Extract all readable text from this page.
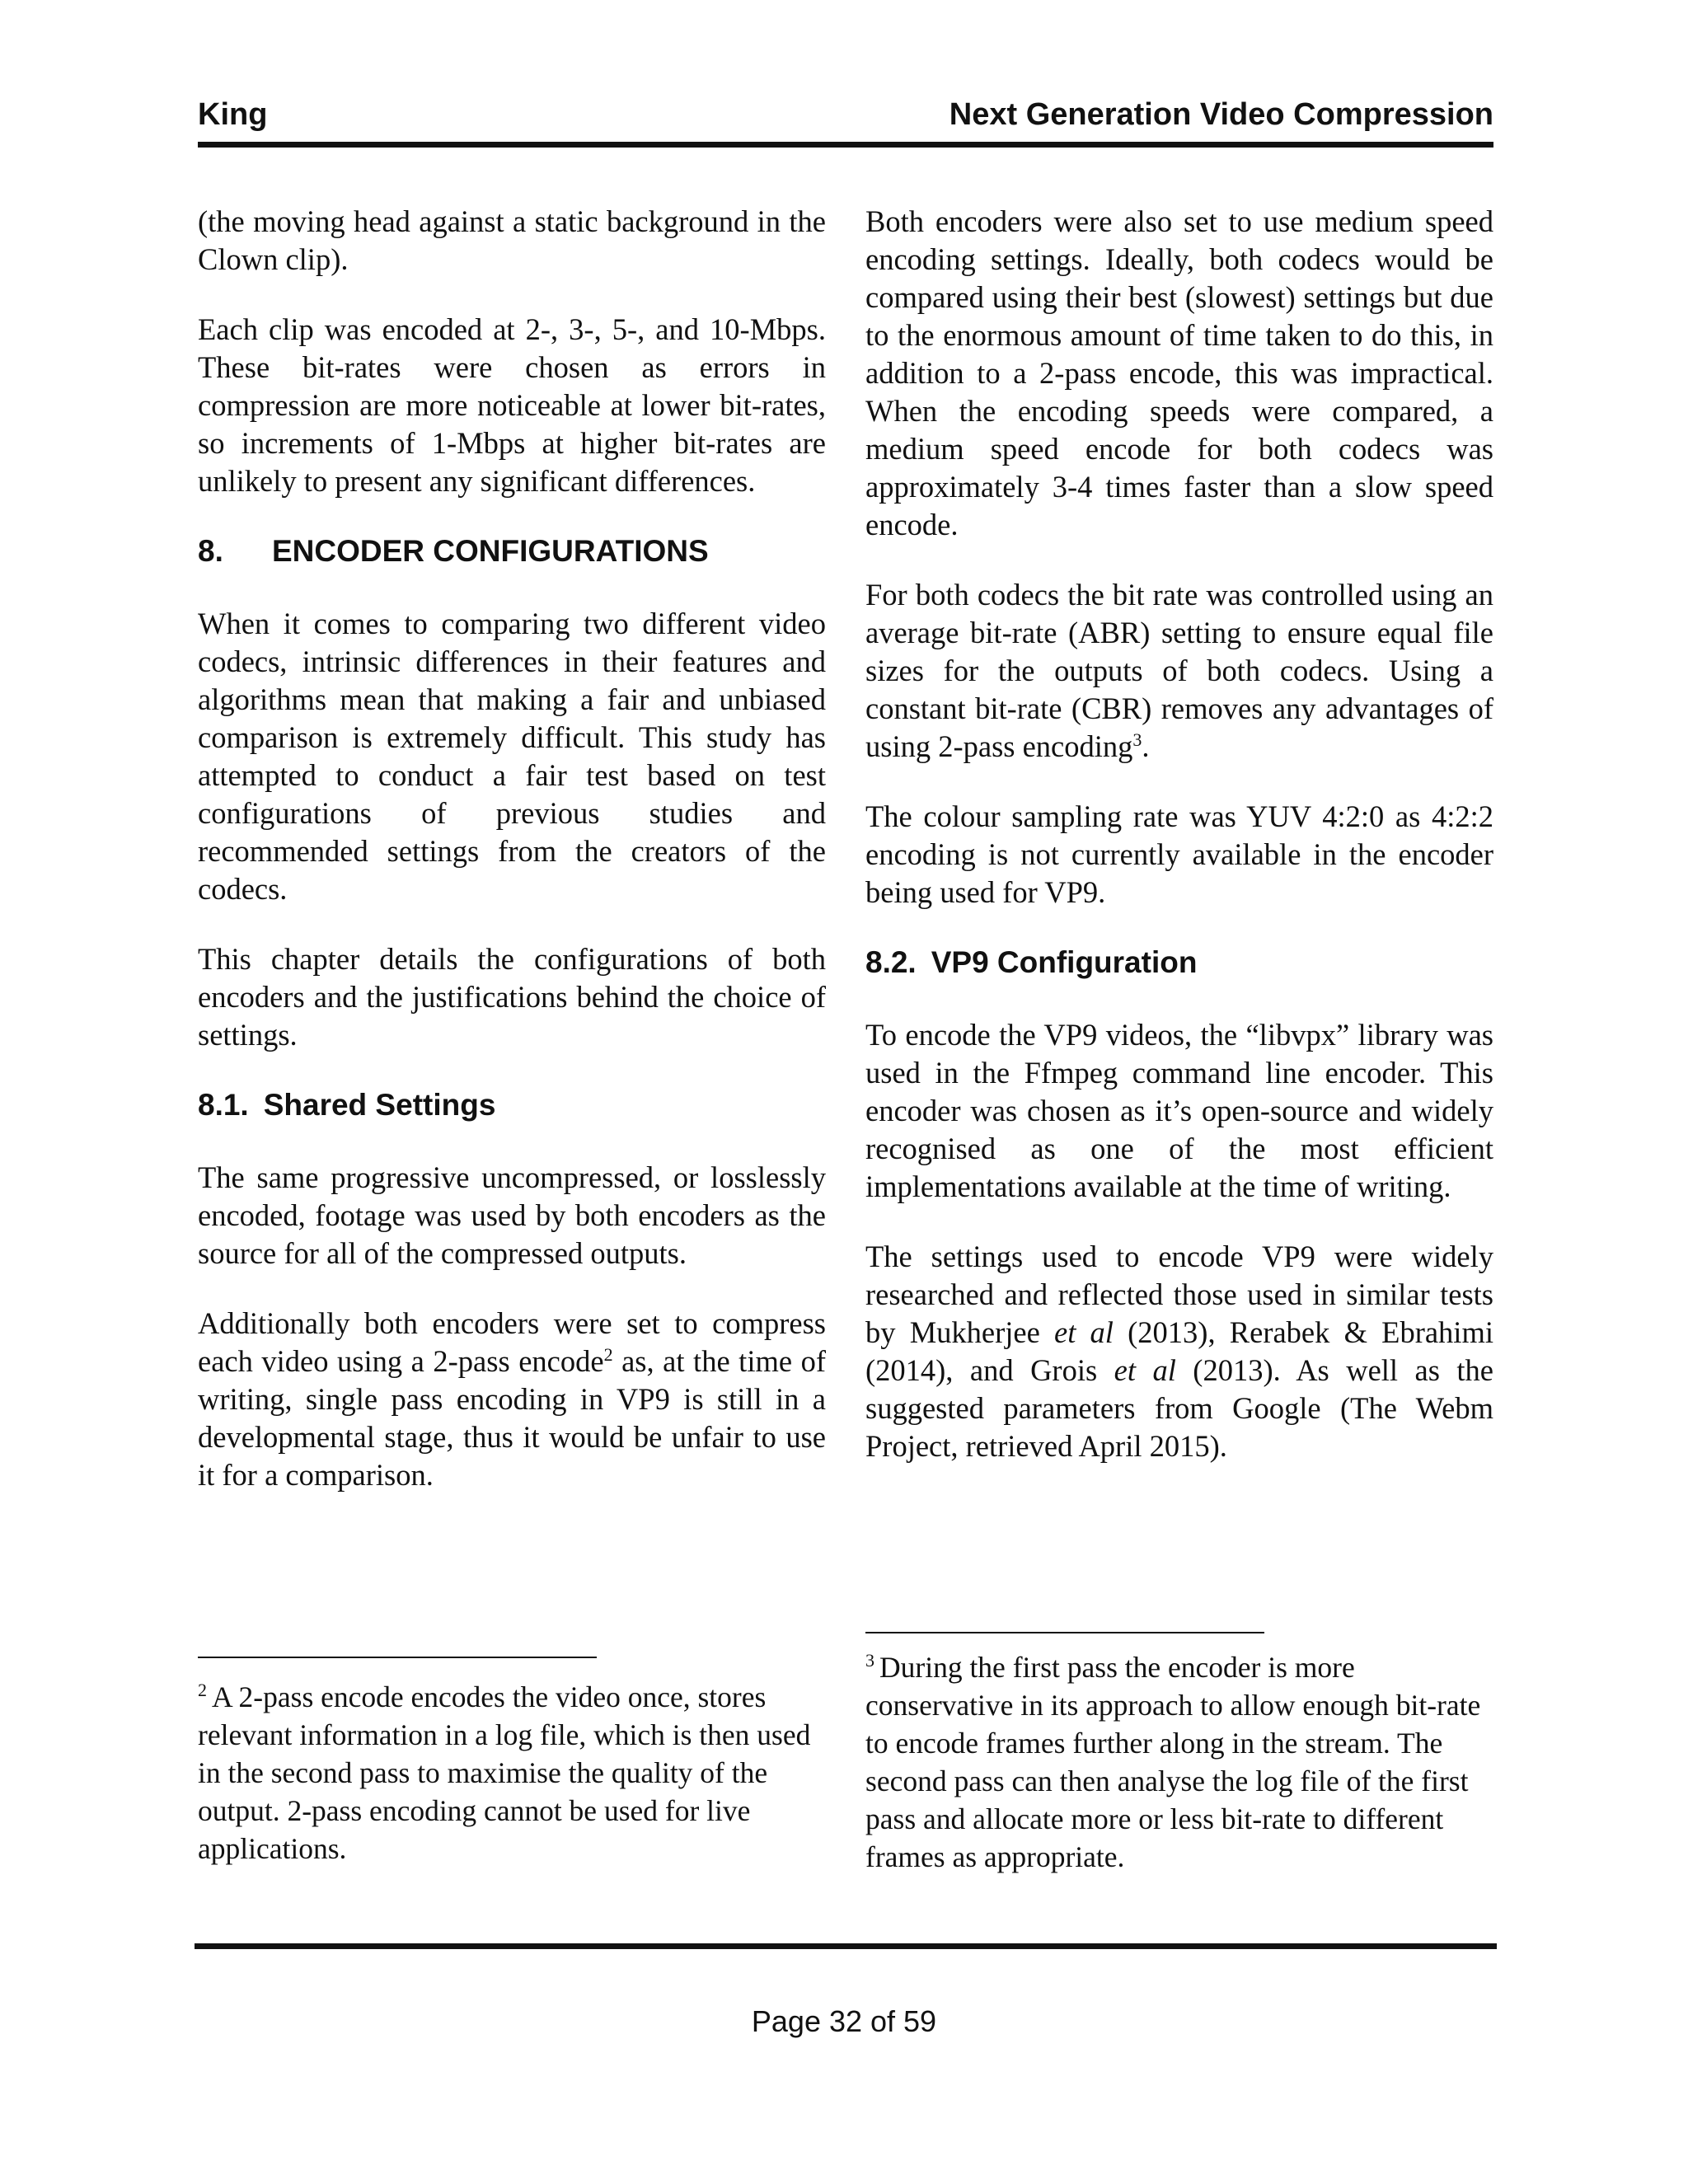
King	Next Generation Video Compression

(the moving head against a static background in the Clown clip).

Each clip was encoded at 2-, 3-, 5-, and 10-Mbps. These bit-rates were chosen as errors in compression are more noticeable at lower bit-rates, so increments of 1-Mbps at higher bit-rates are unlikely to present any significant differences.

8. ENCODER CONFIGURATIONS

When it comes to comparing two different video codecs, intrinsic differences in their features and algorithms mean that making a fair and unbiased comparison is extremely difficult. This study has attempted to conduct a fair test based on test configurations of previous studies and recommended settings from the creators of the codecs.

This chapter details the configurations of both encoders and the justifications behind the choice of settings.

8.1. Shared Settings

The same progressive uncompressed, or losslessly encoded, footage was used by both encoders as the source for all of the compressed outputs.

Additionally both encoders were set to compress each video using a 2-pass encode$^2$ as, at the time of writing, single pass encoding in VP9 is still in a developmental stage, thus it would be unfair to use it for a comparison.

$^2$ A 2-pass encode encodes the video once, stores relevant information in a log file, which is then used in the second pass to maximise the quality of the output. 2-pass encoding cannot be used for live applications.

Both encoders were also set to use medium speed encoding settings. Ideally, both codecs would be compared using their best (slowest) settings but due to the enormous amount of time taken to do this, in addition to a 2-pass encode, this was impractical. When the encoding speeds were compared, a medium speed encode for both codecs was approximately 3-4 times faster than a slow speed encode.

For both codecs the bit rate was controlled using an average bit-rate (ABR) setting to ensure equal file sizes for the outputs of both codecs. Using a constant bit-rate (CBR) removes any advantages of using 2-pass encoding$^3$.

The colour sampling rate was YUV 4:2:0 as 4:2:2 encoding is not currently available in the encoder being used for VP9.

8.2. VP9 Configuration

To encode the VP9 videos, the “libvpx” library was used in the Ffmpeg command line encoder. This encoder was chosen as it’s open-source and widely recognised as one of the most efficient implementations available at the time of writing.

The settings used to encode VP9 were widely researched and reflected those used in similar tests by Mukherjee et al (2013), Rerabek & Ebrahimi (2014), and Grois et al (2013). As well as the suggested parameters from Google (The Webm Project, retrieved April 2015).

$^3$ During the first pass the encoder is more conservative in its approach to allow enough bit-rate to encode frames further along in the stream. The second pass can then analyse the log file of the first pass and allocate more or less bit-rate to different frames as appropriate.

Page 32 of 59
